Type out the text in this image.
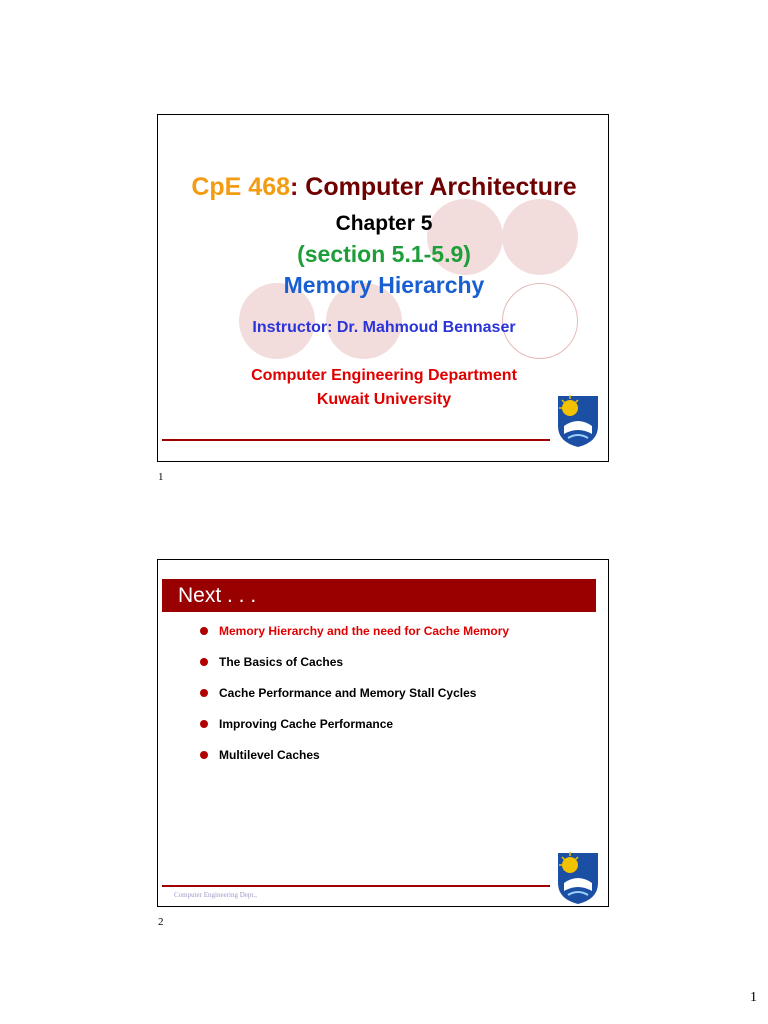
CpE 468: Computer Architecture
Chapter 5
(section 5.1-5.9)
Memory Hierarchy
Instructor: Dr. Mahmoud Bennaser
Computer Engineering Department
Kuwait University
1
Next . . .
Memory Hierarchy and the need for Cache Memory
The Basics of Caches
Cache Performance and Memory Stall Cycles
Improving Cache Performance
Multilevel Caches
Computer Engineering Dept.,
2
1
